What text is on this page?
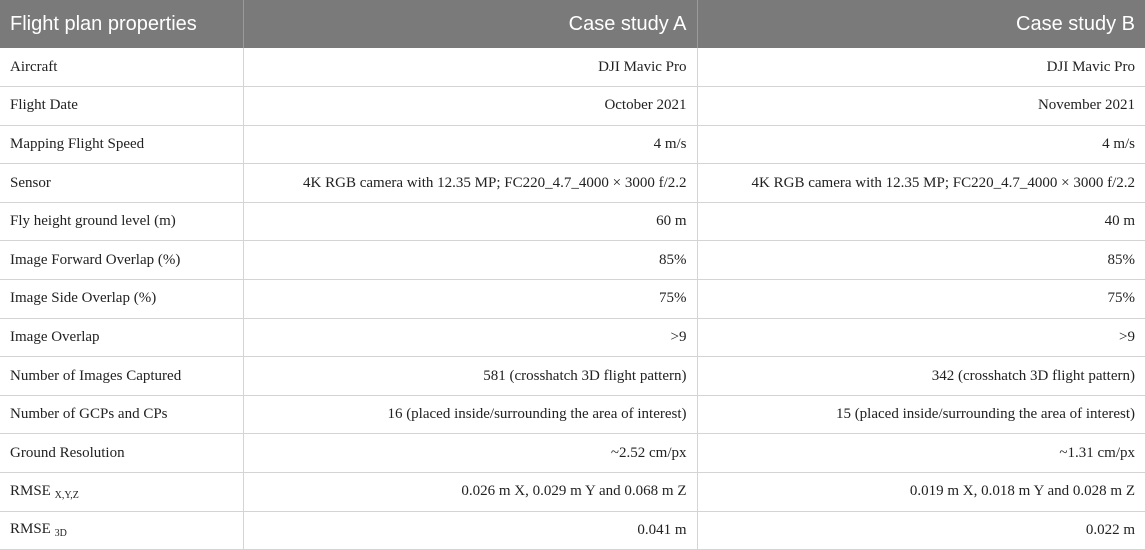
Flight plan properties	Case study A	Case study B
Aircraft	DJI Mavic Pro	DJI Mavic Pro
Flight Date	October 2021	November 2021
Mapping Flight Speed	4 m/s	4 m/s
Sensor	4K RGB camera with 12.35 MP; FC220_4.7_4000 × 3000 f/2.2	4K RGB camera with 12.35 MP; FC220_4.7_4000 × 3000 f/2.2
Fly height ground level (m)	60 m	40 m
Image Forward Overlap (%)	85%	85%
Image Side Overlap (%)	75%	75%
Image Overlap	>9	>9
Number of Images Captured	581 (crosshatch 3D flight pattern)	342 (crosshatch 3D flight pattern)
Number of GCPs and CPs	16 (placed inside/surrounding the area of interest)	15 (placed inside/surrounding the area of interest)
Ground Resolution	~2.52 cm/px	~1.31 cm/px
RMSE $_{X,Y,Z}$	0.026 m X, 0.029 m Y and 0.068 m Z	0.019 m X, 0.018 m Y and 0.028 m Z
RMSE $_{3D}$	0.041 m	0.022 m
